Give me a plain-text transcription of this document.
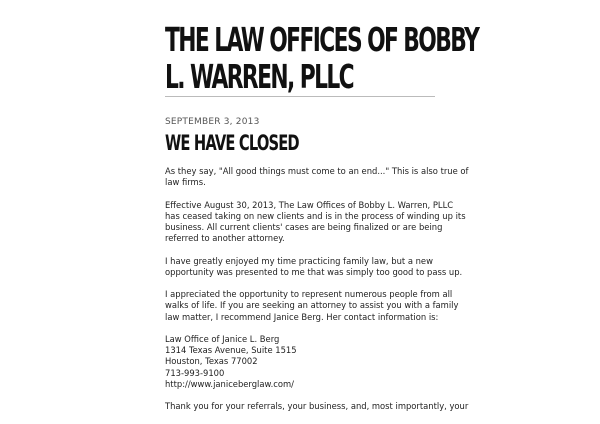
THE LAW OFFICES OF BOBBY
L. WARREN, PLLC
SEPTEMBER 3, 2013
WE HAVE CLOSED

As they say, "All good things must come to an end..." This is also true of
law firms.

Effective August 30, 2013, The Law Offices of Bobby L. Warren, PLLC
has ceased taking on new clients and is in the process of winding up its
business. All current clients' cases are being finalized or are being
referred to another attorney.

I have greatly enjoyed my time practicing family law, but a new
opportunity was presented to me that was simply too good to pass up.

I appreciated the opportunity to represent numerous people from all
walks of life. If you are seeking an attorney to assist you with a family
law matter, I recommend Janice Berg. Her contact information is:

Law Office of Janice L. Berg
1314 Texas Avenue, Suite 1515
Houston, Texas 77002
713-993-9100
http://www.janiceberglaw.com/

Thank you for your referrals, your business, and, most importantly, your
